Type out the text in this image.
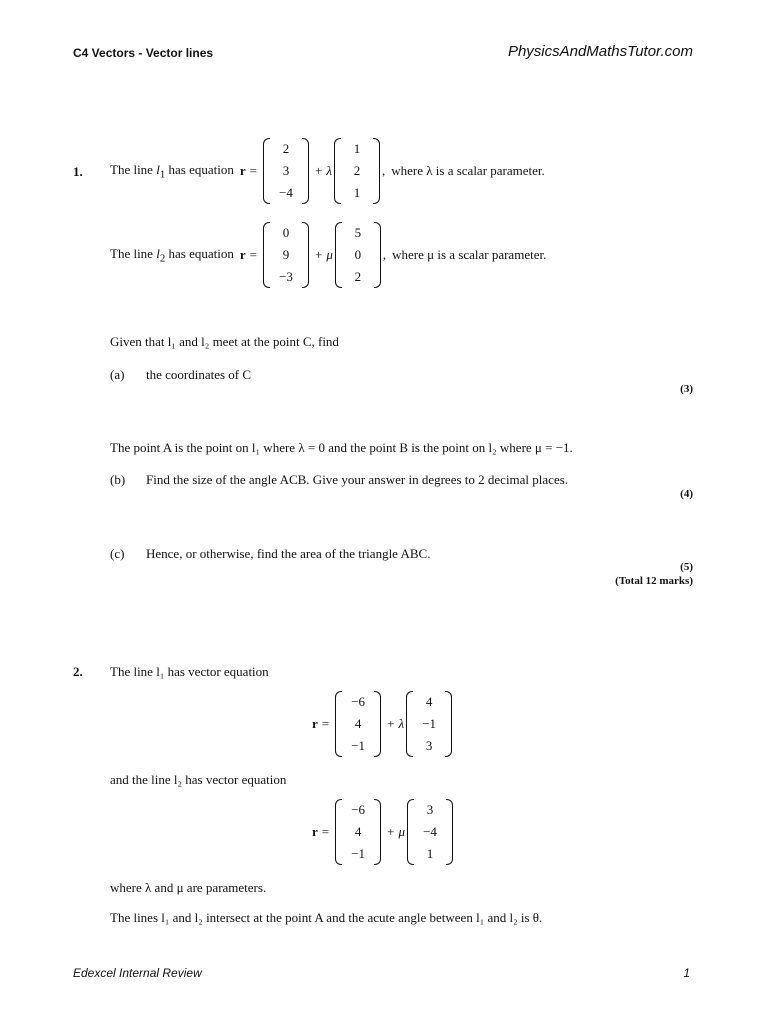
C4 Vectors - Vector lines	PhysicsAndMathsTutor.com
1. The line $l_1$ has equation r =
2
3
−4
+ λ
1
2
1
, where λ is a scalar parameter.
The line $l_2$ has equation r =
0
9
−3
+ μ
5
0
2
, where μ is a scalar parameter.
Given that l₁ and l₂ meet at the point C, find
(a) the coordinates of C
(3)
The point A is the point on l₁ where λ = 0 and the point B is the point on l₂ where μ = −1.
(b) Find the size of the angle ACB. Give your answer in degrees to 2 decimal places.
(4)
(c) Hence, or otherwise, find the area of the triangle ABC.
(5)
(Total 12 marks)
2. The line l₁ has vector equation
r =
−6
4
−1
+ λ
4
−1
3
and the line l₂ has vector equation
r =
−6
4
−1
+ μ
3
−4
1
where λ and μ are parameters.
The lines l₁ and l₂ intersect at the point A and the acute angle between l₁ and l₂ is θ.
Edexcel Internal Review	1
